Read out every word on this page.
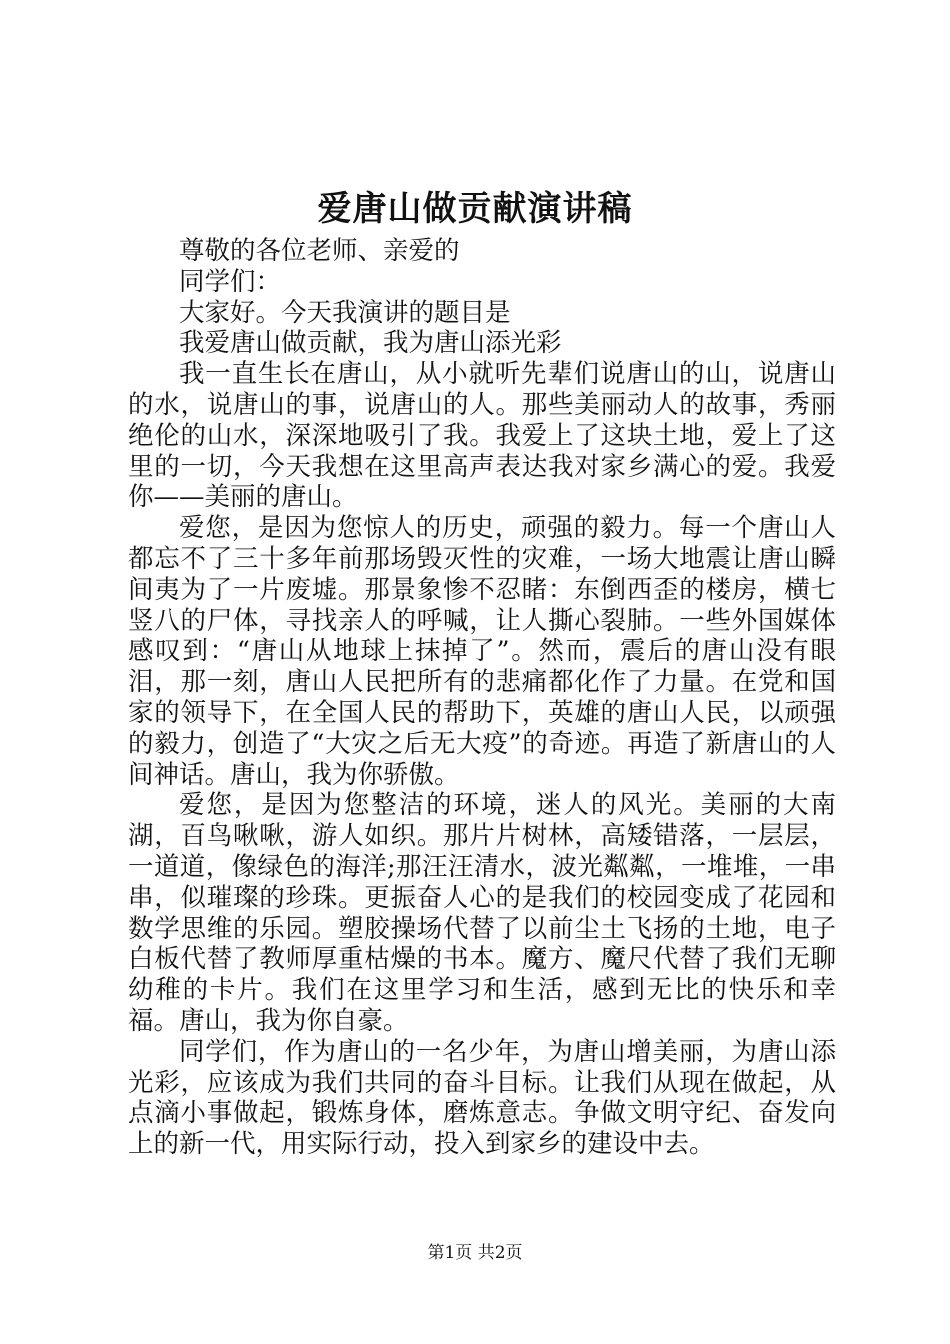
爱唐山做贡献演讲稿

尊敬的各位老师、亲爱的

同学们：

大家好。今天我演讲的题目是

我爱唐山做贡献，我为唐山添光彩

我一直生长在唐山，从小就听先辈们说唐山的山，说唐山的水，说唐山的事，说唐山的人。那些美丽动人的故事，秀丽绝伦的山水，深深地吸引了我。我爱上了这块土地，爱上了这里的一切，今天我想在这里高声表达我对家乡满心的爱。我爱你——美丽的唐山。

爱您，是因为您惊人的历史，顽强的毅力。每一个唐山人都忘不了三十多年前那场毁灭性的灾难，一场大地震让唐山瞬间夷为了一片废墟。那景象惨不忍睹：东倒西歪的楼房，横七竖八的尸体，寻找亲人的呼喊，让人撕心裂肺。一些外国媒体感叹到：“唐山从地球上抹掉了”。然而，震后的唐山没有眼泪，那一刻，唐山人民把所有的悲痛都化作了力量。在党和国家的领导下，在全国人民的帮助下，英雄的唐山人民，以顽强的毅力，创造了“大灾之后无大疫”的奇迹。再造了新唐山的人间神话。唐山，我为你骄傲。

爱您，是因为您整洁的环境，迷人的风光。美丽的大南湖，百鸟啾啾，游人如织。那片片树林，高矮错落，一层层，一道道，像绿色的海洋;那汪汪清水，波光粼粼，一堆堆，一串串，似璀璨的珍珠。更振奋人心的是我们的校园变成了花园和数学思维的乐园。塑胶操场代替了以前尘土飞扬的土地，电子白板代替了教师厚重枯燥的书本。魔方、魔尺代替了我们无聊幼稚的卡片。我们在这里学习和生活，感到无比的快乐和幸福。唐山，我为你自豪。

同学们，作为唐山的一名少年，为唐山增美丽，为唐山添光彩，应该成为我们共同的奋斗目标。让我们从现在做起，从点滴小事做起，锻炼身体，磨炼意志。争做文明守纪、奋发向上的新一代，用实际行动，投入到家乡的建设中去。

第1页 共2页
